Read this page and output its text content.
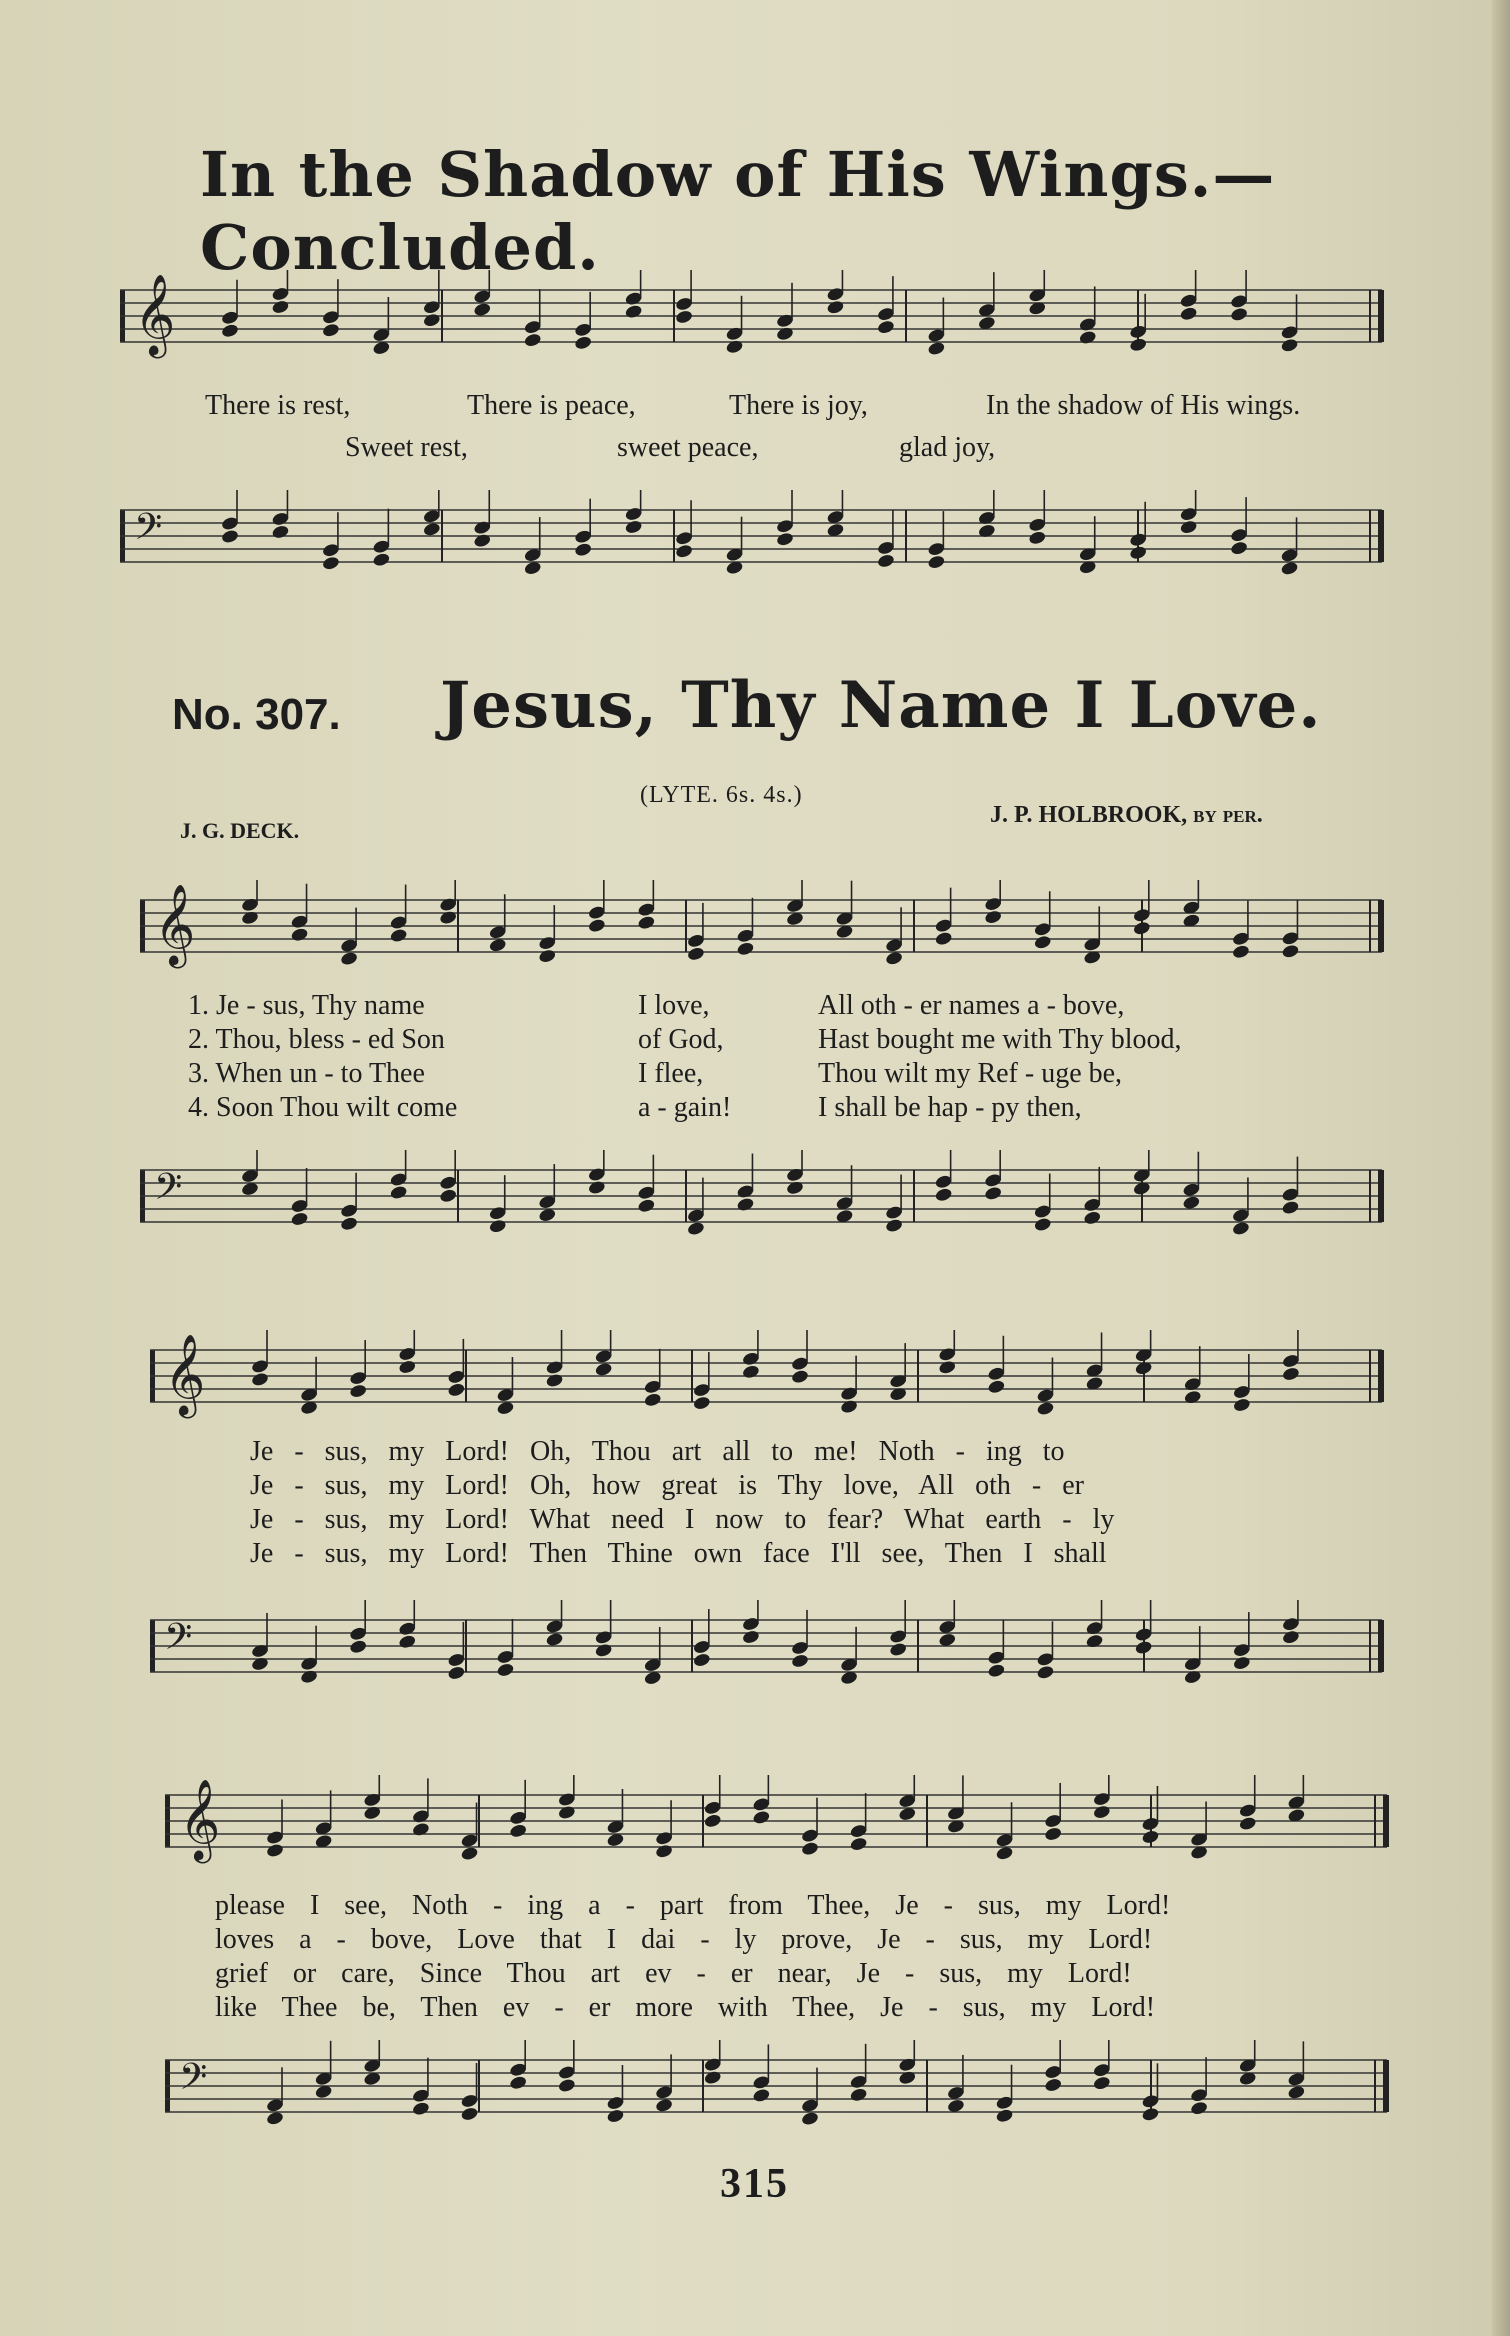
In the Shadow of His Wings.—Concluded.
𝄞
𝄢
There is rest,	There is peace,	There is joy,	In the shadow of His wings.
Sweet rest,	sweet peace,	glad joy,
No. 307. Jesus, Thy Name I Love.
(LYTE. 6s. 4s.)
J. G. DECK.
J. P. HOLBROOK, by per.
𝄞
𝄢
1. Je - sus, Thy name	I love,	All oth - er names a - bove,
2. Thou, bless - ed Son	of God,	Hast bought me with Thy blood,
3. When un - to Thee	I flee,	Thou wilt my Ref - uge be,
4. Soon Thou wilt come	a - gain!	I shall be hap - py then,
𝄞
𝄢
Je - sus, my Lord! Oh, Thou art all to me! Noth - ing to
Je - sus, my Lord! Oh, how great is Thy love, All oth - er
Je - sus, my Lord! What need I now to fear? What earth - ly
Je - sus, my Lord! Then Thine own face I'll see, Then I shall
𝄞
𝄢
please I see, Noth - ing a - part from Thee, Je - sus, my Lord!
loves a - bove, Love that I dai - ly prove, Je - sus, my Lord!
grief or care, Since Thou art ev - er near, Je - sus, my Lord!
like Thee be, Then ev - er more with Thee, Je - sus, my Lord!
315
